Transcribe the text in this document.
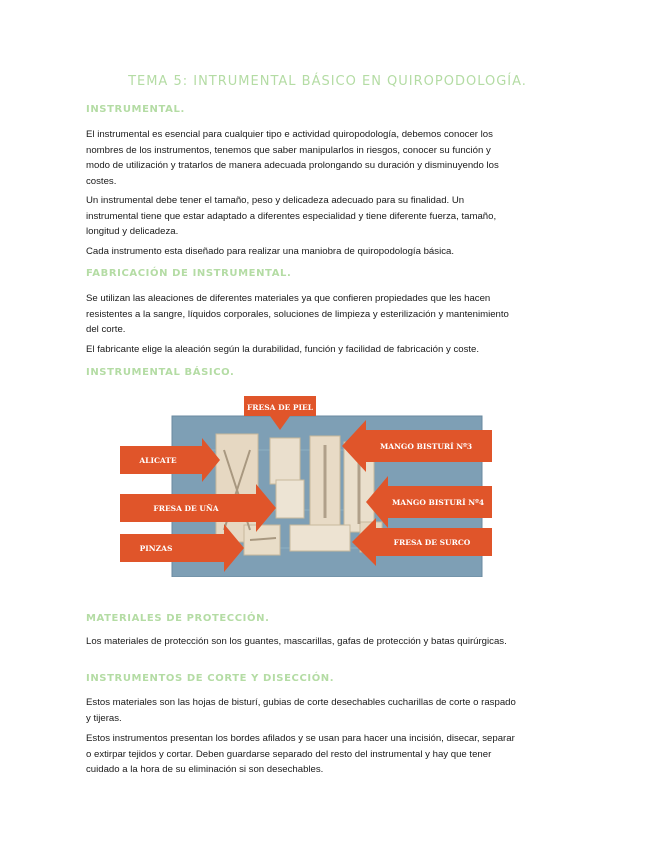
TEMA 5: INTRUMENTAL BÁSICO EN QUIROPODOLOGÍA.
INSTRUMENTAL.

El instrumental es esencial para cualquier tipo e actividad quiropodología, debemos conocer los nombres de los instrumentos, tenemos que saber manipularlos in riesgos, conocer su función y modo de utilización y tratarlos de manera adecuada prolongando su duración y disminuyendo los costes.

Un instrumental debe tener el tamaño, peso y delicadeza adecuado para su finalidad. Un instrumental tiene que estar adaptado a diferentes especialidad y tiene diferente fuerza, tamaño, longitud y delicadeza.

Cada instrumento esta diseñado para realizar una maniobra de quiropodología básica.

FABRICACIÓN DE INSTRUMENTAL.

Se utilizan las aleaciones de diferentes materiales ya que confieren propiedades que les hacen resistentes a la sangre, líquidos corporales, soluciones de limpieza y esterilización y mantenimiento del corte.

El fabricante elige la aleación según la durabilidad, función y facilidad de fabricación y coste.

INSTRUMENTAL BÁSICO.
FRESA DE PIEL
ALICATE
MANGO BISTURÍ Nº3
FRESA DE UÑA
MANGO BISTURÍ Nº4
PINZAS
FRESA DE SURCO
MATERIALES DE PROTECCIÓN.

Los materiales de protección son los guantes, mascarillas, gafas de protección y batas quirúrgicas.

INSTRUMENTOS DE CORTE Y DISECCIÓN.

Estos materiales son las hojas de bisturí, gubias de corte desechables cucharillas de corte o raspado y tijeras.

Estos instrumentos presentan los bordes afilados y se usan para hacer una incisión, disecar, separar o extirpar tejidos y cortar. Deben guardarse separado del resto del instrumental y hay que tener cuidado a la hora de su eliminación si son desechables.
